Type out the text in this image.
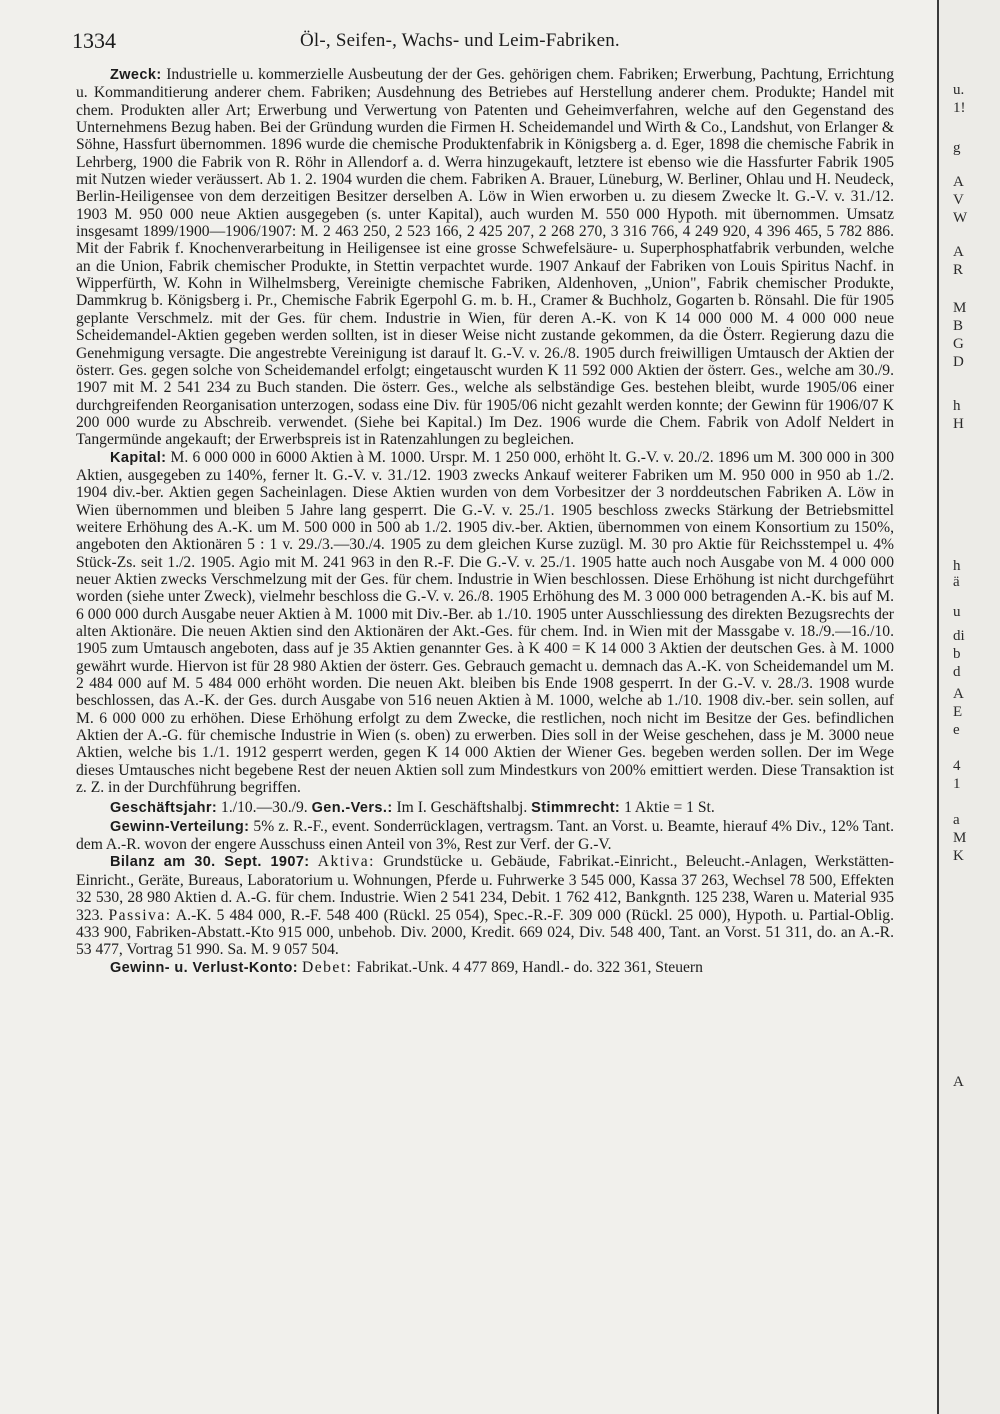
1334	Öl-, Seifen-, Wachs- und Leim-Fabriken.

Zweck: Industrielle u. kommerzielle Ausbeutung der der Ges. gehörigen chem. Fabriken; Erwerbung, Pachtung, Errichtung u. Kommanditierung anderer chem. Fabriken; Ausdehnung des Betriebes auf Herstellung anderer chem. Produkte; Handel mit chem. Produkten aller Art; Erwerbung und Verwertung von Patenten und Geheimverfahren, welche auf den Gegenstand des Unternehmens Bezug haben. Bei der Gründung wurden die Firmen H. Scheidemandel und Wirth & Co., Landshut, von Erlanger & Söhne, Hassfurt übernommen. 1896 wurde die chemische Produktenfabrik in Königsberg a. d. Eger, 1898 die chemische Fabrik in Lehrberg, 1900 die Fabrik von R. Röhr in Allendorf a. d. Werra hinzugekauft, letztere ist ebenso wie die Hassfurter Fabrik 1905 mit Nutzen wieder veräussert. Ab 1. 2. 1904 wurden die chem. Fabriken A. Brauer, Lüneburg, W. Berliner, Ohlau und H. Neudeck, Berlin-Heiligensee von dem derzeitigen Besitzer derselben A. Löw in Wien erworben u. zu diesem Zwecke lt. G.-V. v. 31./12. 1903 M. 950 000 neue Aktien ausgegeben (s. unter Kapital), auch wurden M. 550 000 Hypoth. mit übernommen. Umsatz insgesamt 1899/1900—1906/1907: M. 2 463 250, 2 523 166, 2 425 207, 2 268 270, 3 316 766, 4 249 920, 4 396 465, 5 782 886. Mit der Fabrik f. Knochenverarbeitung in Heiligensee ist eine grosse Schwefelsäure- u. Superphosphatfabrik verbunden, welche an die Union, Fabrik chemischer Produkte, in Stettin verpachtet wurde. 1907 Ankauf der Fabriken von Louis Spiritus Nachf. in Wipperfürth, W. Kohn in Wilhelmsberg, Vereinigte chemische Fabriken, Aldenhoven, „Union", Fabrik chemischer Produkte, Dammkrug b. Königsberg i. Pr., Chemische Fabrik Egerpohl G. m. b. H., Cramer & Buchholz, Gogarten b. Rönsahl. Die für 1905 geplante Verschmelz. mit der Ges. für chem. Industrie in Wien, für deren A.-K. von K 14 000 000 M. 4 000 000 neue Scheidemandel-Aktien gegeben werden sollten, ist in dieser Weise nicht zustande gekommen, da die Österr. Regierung dazu die Genehmigung versagte. Die angestrebte Vereinigung ist darauf lt. G.-V. v. 26./8. 1905 durch freiwilligen Umtausch der Aktien der österr. Ges. gegen solche von Scheidemandel erfolgt; eingetauscht wurden K 11 592 000 Aktien der österr. Ges., welche am 30./9. 1907 mit M. 2 541 234 zu Buch standen. Die österr. Ges., welche als selbständige Ges. bestehen bleibt, wurde 1905/06 einer durchgreifenden Reorganisation unterzogen, sodass eine Div. für 1905/06 nicht gezahlt werden konnte; der Gewinn für 1906/07 K 200 000 wurde zu Abschreib. verwendet. (Siehe bei Kapital.) Im Dez. 1906 wurde die Chem. Fabrik von Adolf Neldert in Tangermünde angekauft; der Erwerbspreis ist in Ratenzahlungen zu begleichen.

Kapital: M. 6 000 000 in 6000 Aktien à M. 1000. Urspr. M. 1 250 000, erhöht lt. G.-V. v. 20./2. 1896 um M. 300 000 in 300 Aktien, ausgegeben zu 140%, ferner lt. G.-V. v. 31./12. 1903 zwecks Ankauf weiterer Fabriken um M. 950 000 in 950 ab 1./2. 1904 div.-ber. Aktien gegen Sacheinlagen. Diese Aktien wurden von dem Vorbesitzer der 3 norddeutschen Fabriken A. Löw in Wien übernommen und bleiben 5 Jahre lang gesperrt. Die G.-V. v. 25./1. 1905 beschloss zwecks Stärkung der Betriebsmittel weitere Erhöhung des A.-K. um M. 500 000 in 500 ab 1./2. 1905 div.-ber. Aktien, übernommen von einem Konsortium zu 150%, angeboten den Aktionären 5 : 1 v. 29./3.—30./4. 1905 zu dem gleichen Kurse zuzügl. M. 30 pro Aktie für Reichsstempel u. 4% Stück-Zs. seit 1./2. 1905. Agio mit M. 241 963 in den R.-F. Die G.-V. v. 25./1. 1905 hatte auch noch Ausgabe von M. 4 000 000 neuer Aktien zwecks Verschmelzung mit der Ges. für chem. Industrie in Wien beschlossen. Diese Erhöhung ist nicht durchgeführt worden (siehe unter Zweck), vielmehr beschloss die G.-V. v. 26./8. 1905 Erhöhung des M. 3 000 000 betragenden A.-K. bis auf M. 6 000 000 durch Ausgabe neuer Aktien à M. 1000 mit Div.-Ber. ab 1./10. 1905 unter Ausschliessung des direkten Bezugsrechts der alten Aktionäre. Die neuen Aktien sind den Aktionären der Akt.-Ges. für chem. Ind. in Wien mit der Massgabe v. 18./9.—16./10. 1905 zum Umtausch angeboten, dass auf je 35 Aktien genannter Ges. à K 400 = K 14 000 3 Aktien der deutschen Ges. à M. 1000 gewährt wurde. Hiervon ist für 28 980 Aktien der österr. Ges. Gebrauch gemacht u. demnach das A.-K. von Scheidemandel um M. 2 484 000 auf M. 5 484 000 erhöht worden. Die neuen Akt. bleiben bis Ende 1908 gesperrt. In der G.-V. v. 28./3. 1908 wurde beschlossen, das A.-K. der Ges. durch Ausgabe von 516 neuen Aktien à M. 1000, welche ab 1./10. 1908 div.-ber. sein sollen, auf M. 6 000 000 zu erhöhen. Diese Erhöhung erfolgt zu dem Zwecke, die restlichen, noch nicht im Besitze der Ges. befindlichen Aktien der A.-G. für chemische Industrie in Wien (s. oben) zu erwerben. Dies soll in der Weise geschehen, dass je M. 3000 neue Aktien, welche bis 1./1. 1912 gesperrt werden, gegen K 14 000 Aktien der Wiener Ges. begeben werden sollen. Der im Wege dieses Umtausches nicht begebene Rest der neuen Aktien soll zum Mindestkurs von 200% emittiert werden. Diese Transaktion ist z. Z. in der Durchführung begriffen.

Geschäftsjahr: 1./10.—30./9. Gen.-Vers.: Im I. Geschäftshalbj. Stimmrecht: 1 Aktie = 1 St.

Gewinn-Verteilung: 5% z. R.-F., event. Sonderrücklagen, vertragsm. Tant. an Vorst. u. Beamte, hierauf 4% Div., 12% Tant. dem A.-R. wovon der engere Ausschuss einen Anteil von 3%, Rest zur Verf. der G.-V.

Bilanz am 30. Sept. 1907: Aktiva: Grundstücke u. Gebäude, Fabrikat.-Einricht., Beleucht.-Anlagen, Werkstätten-Einricht., Geräte, Bureaus, Laboratorium u. Wohnungen, Pferde u. Fuhrwerke 3 545 000, Kassa 37 263, Wechsel 78 500, Effekten 32 530, 28 980 Aktien d. A.-G. für chem. Industrie. Wien 2 541 234, Debit. 1 762 412, Bankgnth. 125 238, Waren u. Material 935 323. Passiva: A.-K. 5 484 000, R.-F. 548 400 (Rückl. 25 054), Spec.-R.-F. 309 000 (Rückl. 25 000), Hypoth. u. Partial-Oblig. 433 900, Fabriken-Abstatt.-Kto 915 000, unbehob. Div. 2000, Kredit. 669 024, Div. 548 400, Tant. an Vorst. 51 311, do. an A.-R. 53 477, Vortrag 51 990. Sa. M. 9 057 504.

Gewinn- u. Verlust-Konto: Debet: Fabrikat.-Unk. 4 477 869, Handl.- do. 322 361, Steuern

u.
1!
g
A
V
W
A
R
M
B
G
D
h
H
h
ä
u
di
b
d
A
E
e
4
1
a
M
K
A
